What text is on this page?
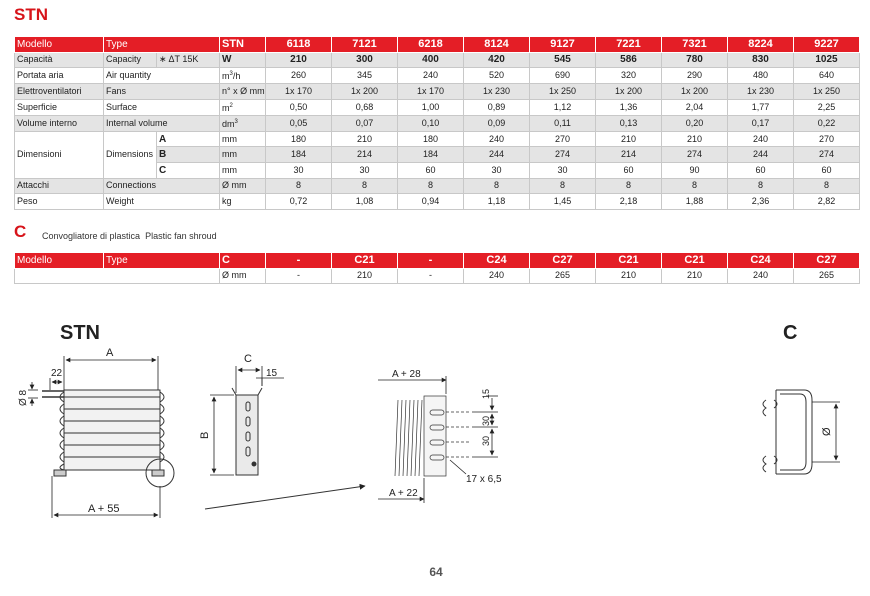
STN
Modello	Type		STN	6118	7121	6218	8124	9127	7221	7321	8224	9227
Capacità	Capacity	∗ ΔT 15K	W	210	300	400	420	545	586	780	830	1025
Portata aria	Air quantity		$m^3/h$	260	345	240	520	690	320	290	480	640
Elettroventilatori	Fans		n° x Ø mm	1x 170	1x 200	1x 170	1x 230	1x 250	1x 200	1x 200	1x 230	1x 250
Superficie	Surface		$m^2$	0,50	0,68	1,00	0,89	1,12	1,36	2,04	1,77	2,25
Volume interno	Internal volume		$dm^3$	0,05	0,07	0,10	0,09	0,11	0,13	0,20	0,17	0,22
Dimensioni	Dimensions	A	mm	180	210	180	240	270	210	210	240	270
		B	mm	184	214	184	244	274	214	274	244	274
		C	mm	30	30	60	30	30	60	90	60	60
Attacchi	Connections		Ø mm	8	8	8	8	8	8	8	8	8
Peso	Weight		kg	0,72	1,08	0,94	1,18	1,45	2,18	1,88	2,36	2,82
C Convogliatore di plastica Plastic fan shroud
Modello	Type	C	-	C21	-	C24	C27	C21	C21	C24	C27
		Ø mm	-	210	-	240	265	210	210	240	265
STN	C
A
22
Ø 8
A + 55
C
15
B
A + 28
A + 22
15
30
30
17 x 6,5
Ø
64
